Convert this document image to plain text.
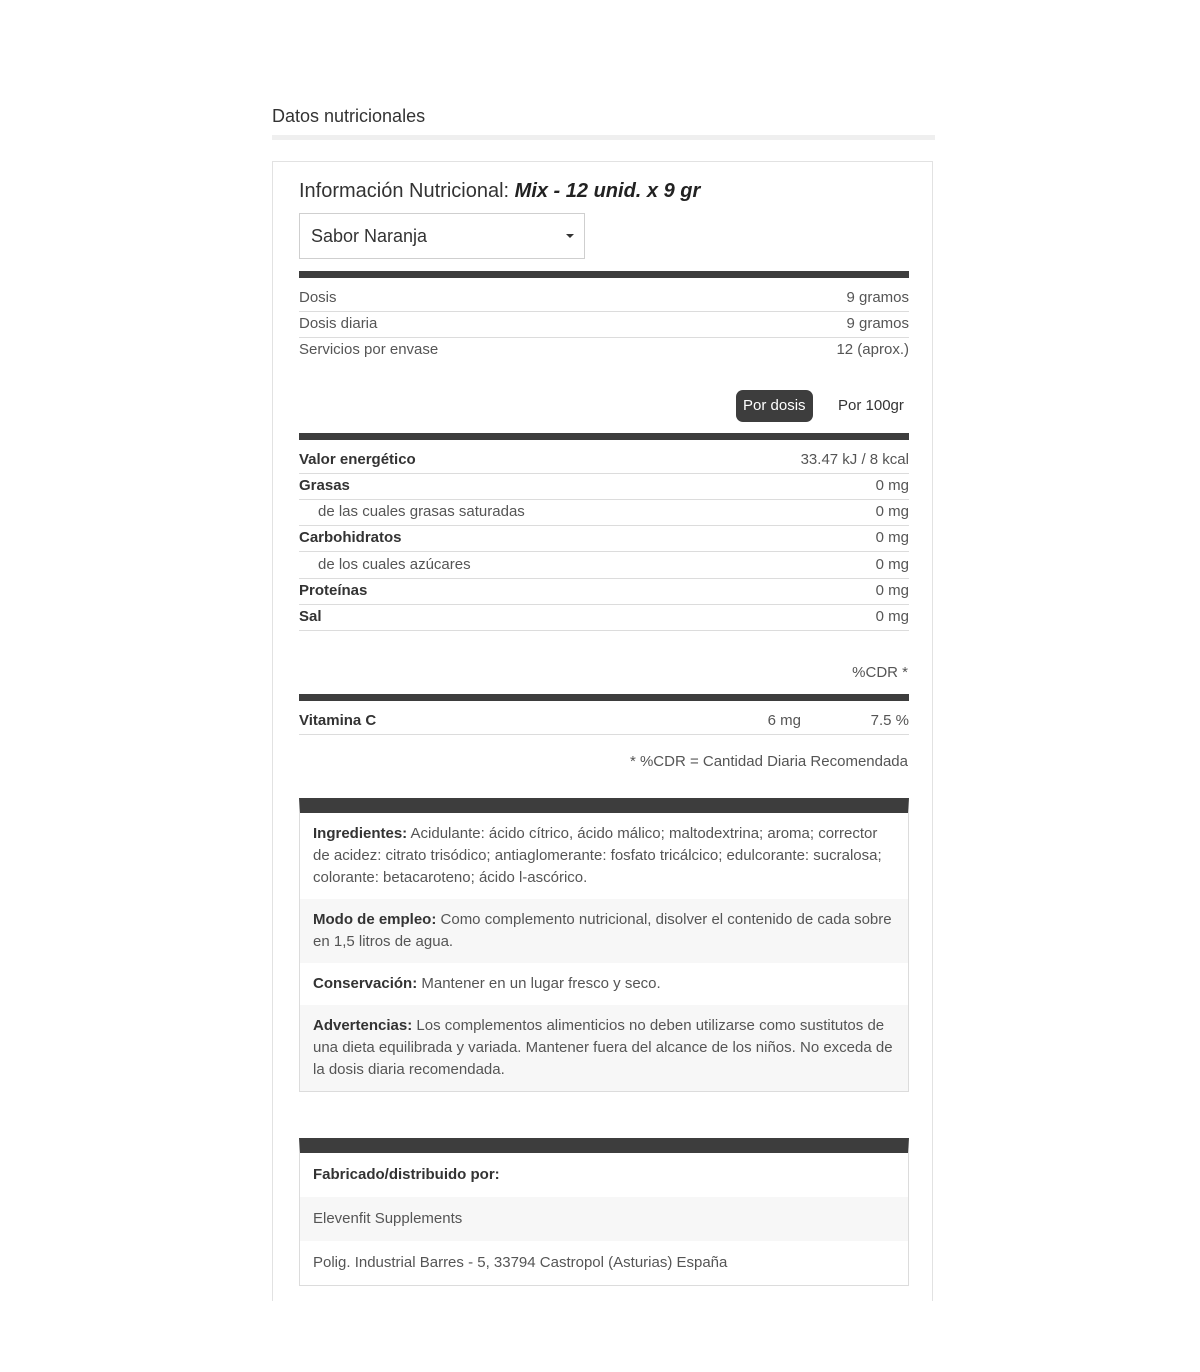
Datos nutricionales
Información Nutricional: Mix - 12 unid. x 9 gr
Sabor Naranja
Dosis	9 gramos
Dosis diaria	9 gramos
Servicios por envase	12 (aprox.)
Por dosis	Por 100gr
Valor energético	33.47 kJ / 8 kcal
Grasas	0 mg
de las cuales grasas saturadas	0 mg
Carbohidratos	0 mg
de los cuales azúcares	0 mg
Proteínas	0 mg
Sal	0 mg
%CDR *
Vitamina C	6 mg	7.5 %
* %CDR = Cantidad Diaria Recomendada
Ingredientes: Acidulante: ácido cítrico, ácido málico; maltodextrina; aroma; corrector de acidez: citrato trisódico; antiaglomerante: fosfato tricálcico; edulcorante: sucralosa; colorante: betacaroteno; ácido l-ascórico.
Modo de empleo: Como complemento nutricional, disolver el contenido de cada sobre en 1,5 litros de agua.
Conservación: Mantener en un lugar fresco y seco.
Advertencias: Los complementos alimenticios no deben utilizarse como sustitutos de una dieta equilibrada y variada. Mantener fuera del alcance de los niños. No exceda de la dosis diaria recomendada.
Fabricado/distribuido por:
Elevenfit Supplements
Polig. Industrial Barres - 5, 33794 Castropol (Asturias) España
